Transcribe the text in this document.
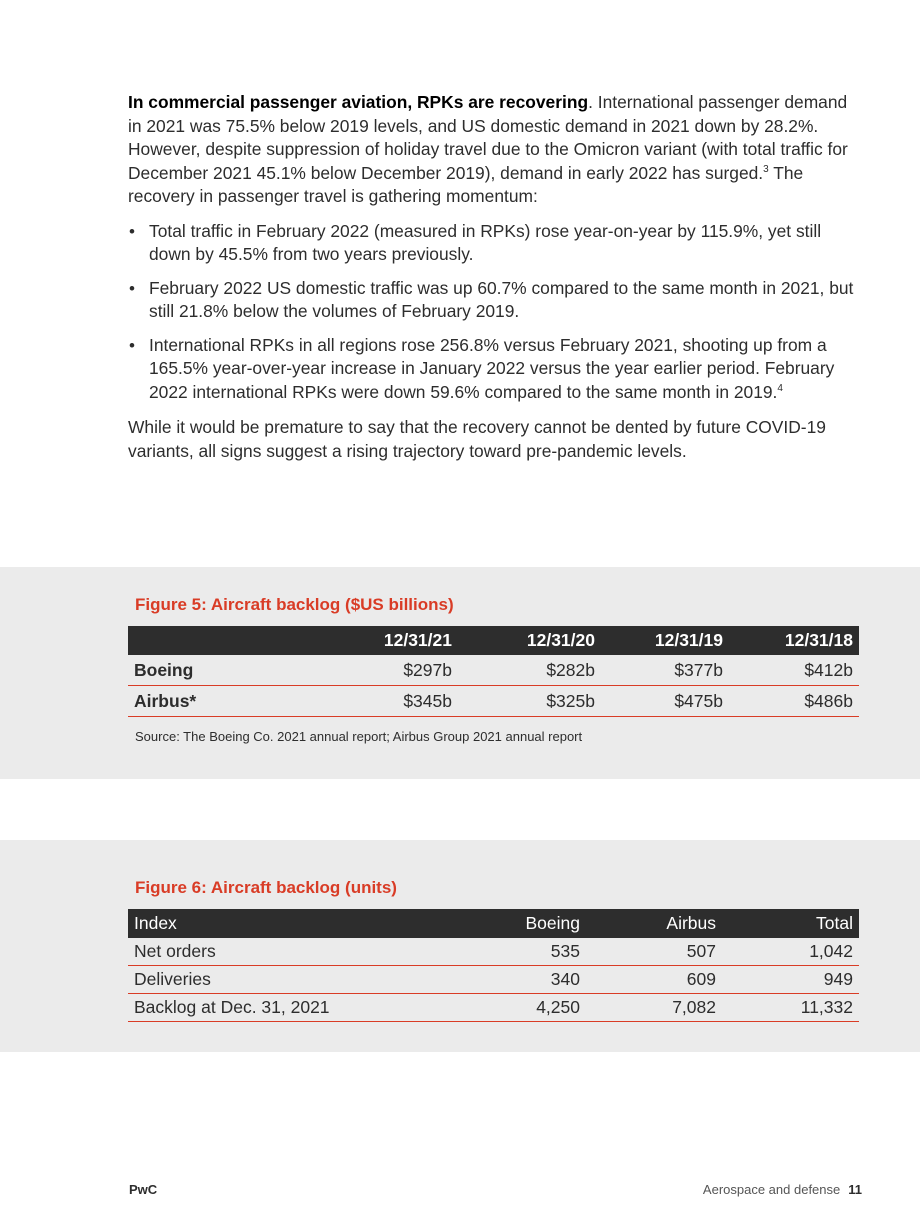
In commercial passenger aviation, RPKs are recovering. International passenger demand in 2021 was 75.5% below 2019 levels, and US domestic demand in 2021 down by 28.2%. However, despite suppression of holiday travel due to the Omicron variant (with total traffic for December 2021 45.1% below December 2019), demand in early 2022 has surged.$^3$ The recovery in passenger travel is gathering momentum:

• Total traffic in February 2022 (measured in RPKs) rose year-on-year by 115.9%, yet still down by 45.5% from two years previously.
• February 2022 US domestic traffic was up 60.7% compared to the same month in 2021, but still 21.8% below the volumes of February 2019.
• International RPKs in all regions rose 256.8% versus February 2021, shooting up from a 165.5% year-over-year increase in January 2022 versus the year earlier period. February 2022 international RPKs were down 59.6% compared to the same month in 2019.$^4$

While it would be premature to say that the recovery cannot be dented by future COVID-19 variants, all signs suggest a rising trajectory toward pre-pandemic levels.

Figure 5: Aircraft backlog ($US billions)
	12/31/21	12/31/20	12/31/19	12/31/18
Boeing	$297b	$282b	$377b	$412b
Airbus*	$345b	$325b	$475b	$486b
Source: The Boeing Co. 2021 annual report; Airbus Group 2021 annual report
Figure 6: Aircraft backlog (units)
Index	Boeing	Airbus	Total
Net orders	535	507	1,042
Deliveries	340	609	949
Backlog at Dec. 31, 2021	4,250	7,082	11,332
PwC	Aerospace and defense 11
